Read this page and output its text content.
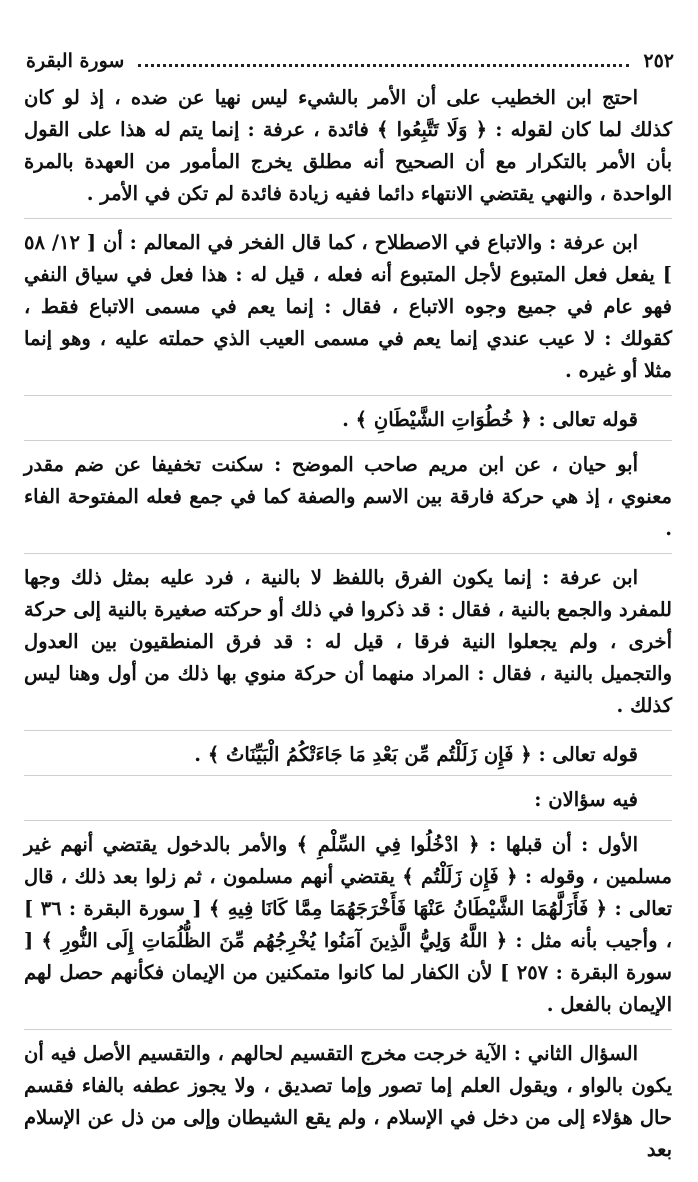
٢٥٢
سورة البقرة

احتج ابن الخطيب على أن الأمر بالشيء ليس نهيا عن ضده ، إذ لو كان كذلك لما كان لقوله : ﴿ وَلَا تَتَّبِعُوا ﴾ فائدة ، عرفة : إنما يتم له هذا على القول بأن الأمر بالتكرار مع أن الصحيح أنه مطلق يخرج المأمور من العهدة بالمرة الواحدة ، والنهي يقتضي الانتهاء دائما ففيه زيادة فائدة لم تكن في الأمر .

ابن عرفة : والاتباع في الاصطلاح ، كما قال الفخر في المعالم : أن [ ١٢/ ٥٨ ] يفعل فعل المتبوع لأجل المتبوع أنه فعله ، قيل له : هذا فعل في سياق النفي فهو عام في جميع وجوه الاتباع ، فقال : إنما يعم في مسمى الاتباع فقط ، كقولك : لا عيب عندي إنما يعم في مسمى العيب الذي حملته عليه ، وهو إنما مثلا أو غيره .

قوله تعالى : ﴿ خُطُوَاتِ الشَّيْطَانِ ﴾ .

أبو حيان ، عن ابن مريم صاحب الموضح : سكنت تخفيفا عن ضم مقدر معنوي ، إذ هي حركة فارقة بين الاسم والصفة كما في جمع فعله المفتوحة الفاء .

ابن عرفة : إنما يكون الفرق باللفظ لا بالنية ، فرد عليه بمثل ذلك وجها للمفرد والجمع بالنية ، فقال : قد ذكروا في ذلك أو حركته صغيرة بالنية إلى حركة أخرى ، ولم يجعلوا النية فرقا ، قيل له : قد فرق المنطقيون بين العدول والتجميل بالنية ، فقال : المراد منهما أن حركة منوي بها ذلك من أول وهنا ليس كذلك .

قوله تعالى : ﴿ فَإِن زَلَلْتُم مِّن بَعْدِ مَا جَاءَتْكُمُ الْبَيِّنَاتُ ﴾ .

فيه سؤالان :

الأول : أن قبلها : ﴿ ادْخُلُوا فِي السِّلْمِ ﴾ والأمر بالدخول يقتضي أنهم غير مسلمين ، وقوله : ﴿ فَإِن زَلَلْتُم ﴾ يقتضي أنهم مسلمون ، ثم زلوا بعد ذلك ، قال تعالى : ﴿ فَأَزَلَّهُمَا الشَّيْطَانُ عَنْهَا فَأَخْرَجَهُمَا مِمَّا كَانَا فِيهِ ﴾ [ سورة البقرة : ٣٦ ] ، وأجيب بأنه مثل : ﴿ اللَّهُ وَلِيُّ الَّذِينَ آمَنُوا يُخْرِجُهُم مِّنَ الظُّلُمَاتِ إِلَى النُّورِ ﴾ [ سورة البقرة : ٢٥٧ ] لأن الكفار لما كانوا متمكنين من الإيمان فكأنهم حصل لهم الإيمان بالفعل .

السؤال الثاني : الآية خرجت مخرج التقسيم لحالهم ، والتقسيم الأصل فيه أن يكون بالواو ، ويقول العلم إما تصور وإما تصديق ، ولا يجوز عطفه بالفاء فقسم حال هؤلاء إلى من دخل في الإسلام ، ولم يقع الشيطان وإلى من ذل عن الإسلام بعد
